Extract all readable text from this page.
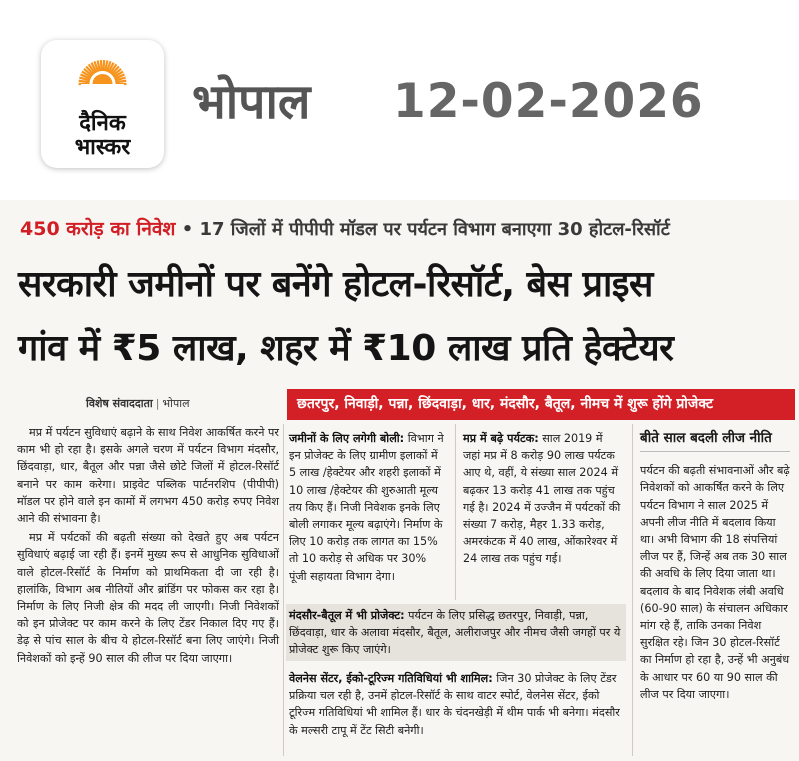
दैनिक
भास्कर
भोपाल 12-02-2026
450 करोड़ का निवेश • 17 जिलों में पीपीपी मॉडल पर पर्यटन विभाग बनाएगा 30 होटल-रिसॉर्ट
सरकारी जमीनों पर बनेंगे होटल-रिसॉर्ट, बेस प्राइस
गांव में ₹5 लाख, शहर में ₹10 लाख प्रति हेक्टेयर
विशेष संवाददाता | भोपाल	छतरपुर, निवाड़ी, पन्ना, छिंदवाड़ा, धार, मंदसौर, बैतूल, नीमच में शुरू होंगे प्रोजेक्ट

मप्र में पर्यटन सुविधाएं बढ़ाने के साथ निवेश आकर्षित करने पर काम भी हो रहा है। इसके अगले चरण में पर्यटन विभाग मंदसौर, छिंदवाड़ा, धार, बैतूल और पन्ना जैसे छोटे जिलों में होटल-रिसॉर्ट बनाने पर काम करेगा। प्राइवेट पब्लिक पार्टनरशिप (पीपीपी) मॉडल पर होने वाले इन कामों में लगभग 450 करोड़ रुपए निवेश आने की संभावना है।

मप्र में पर्यटकों की बढ़ती संख्या को देखते हुए अब पर्यटन सुविधाएं बढ़ाई जा रही हैं। इनमें मुख्य रूप से आधुनिक सुविधाओं वाले होटल-रिसॉर्ट के निर्माण को प्राथमिकता दी जा रही है। हालांकि, विभाग अब नीतियों और ब्रांडिंग पर फोकस कर रहा है। निर्माण के लिए निजी क्षेत्र की मदद ली जाएगी। निजी निवेशकों को इन प्रोजेक्ट पर काम करने के लिए टेंडर निकाल दिए गए हैं। डेढ़ से पांच साल के बीच ये होटल-रिसॉर्ट बना लिए जाएंगे। निजी निवेशकों को इन्हें 90 साल की लीज पर दिया जाएगा।

जमीनों के लिए लगेगी बोली: विभाग ने इन प्रोजेक्ट के लिए ग्रामीण इलाकों में 5 लाख /हेक्टेयर और शहरी इलाकों में 10 लाख /हेक्टेयर की शुरुआती मूल्य तय किए हैं। निजी निवेशक इनके लिए बोली लगाकर मूल्य बढ़ाएंगे। निर्माण के लिए 10 करोड़ तक लागत का 15% तो 10 करोड़ से अधिक पर 30% पूंजी सहायता विभाग देगा।
मप्र में बढ़े पर्यटक: साल 2019 में जहां मप्र में 8 करोड़ 90 लाख पर्यटक आए थे, वहीं, ये संख्या साल 2024 में बढ़कर 13 करोड़ 41 लाख तक पहुंच गई है। 2024 में उज्जैन में पर्यटकों की संख्या 7 करोड़, मैहर 1.33 करोड़, अमरकंटक में 40 लाख, ओंकारेश्वर में 24 लाख तक पहुंच गई।
बीते साल बदली लीज नीति
पर्यटन की बढ़ती संभावनाओं और बढ़े निवेशकों को आकर्षित करने के लिए पर्यटन विभाग ने साल 2025 में अपनी लीज नीति में बदलाव किया था। अभी विभाग की 18 संपत्तियां लीज पर हैं, जिन्हें अब तक 30 साल की अवधि के लिए दिया जाता था। बदलाव के बाद निवेशक लंबी अवधि (60-90 साल) के संचालन अधिकार मांग रहे हैं, ताकि उनका निवेश सुरक्षित रहे। जिन 30 होटल-रिसॉर्ट का निर्माण हो रहा है, उन्हें भी अनुबंध के आधार पर 60 या 90 साल की लीज पर दिया जाएगा।
मंदसौर-बैतूल में भी प्रोजेक्ट: पर्यटन के लिए प्रसिद्ध छतरपुर, निवाड़ी, पन्ना, छिंदवाड़ा, धार के अलावा मंदसौर, बैतूल, अलीराजपुर और नीमच जैसी जगहों पर ये प्रोजेक्ट शुरू किए जाएंगे।
वेलनेस सेंटर, ईको-टूरिज्म गतिविधियां भी शामिल: जिन 30 प्रोजेक्ट के लिए टेंडर प्रक्रिया चल रही है, उनमें होटल-रिसॉर्ट के साथ वाटर स्पोर्ट, वेलनेस सेंटर, ईको टूरिज्म गतिविधियां भी शामिल हैं। धार के चंदनखेड़ी में थीम पार्क भी बनेगा। मंदसौर के मल्सरी टापू में टेंट सिटी बनेगी।
